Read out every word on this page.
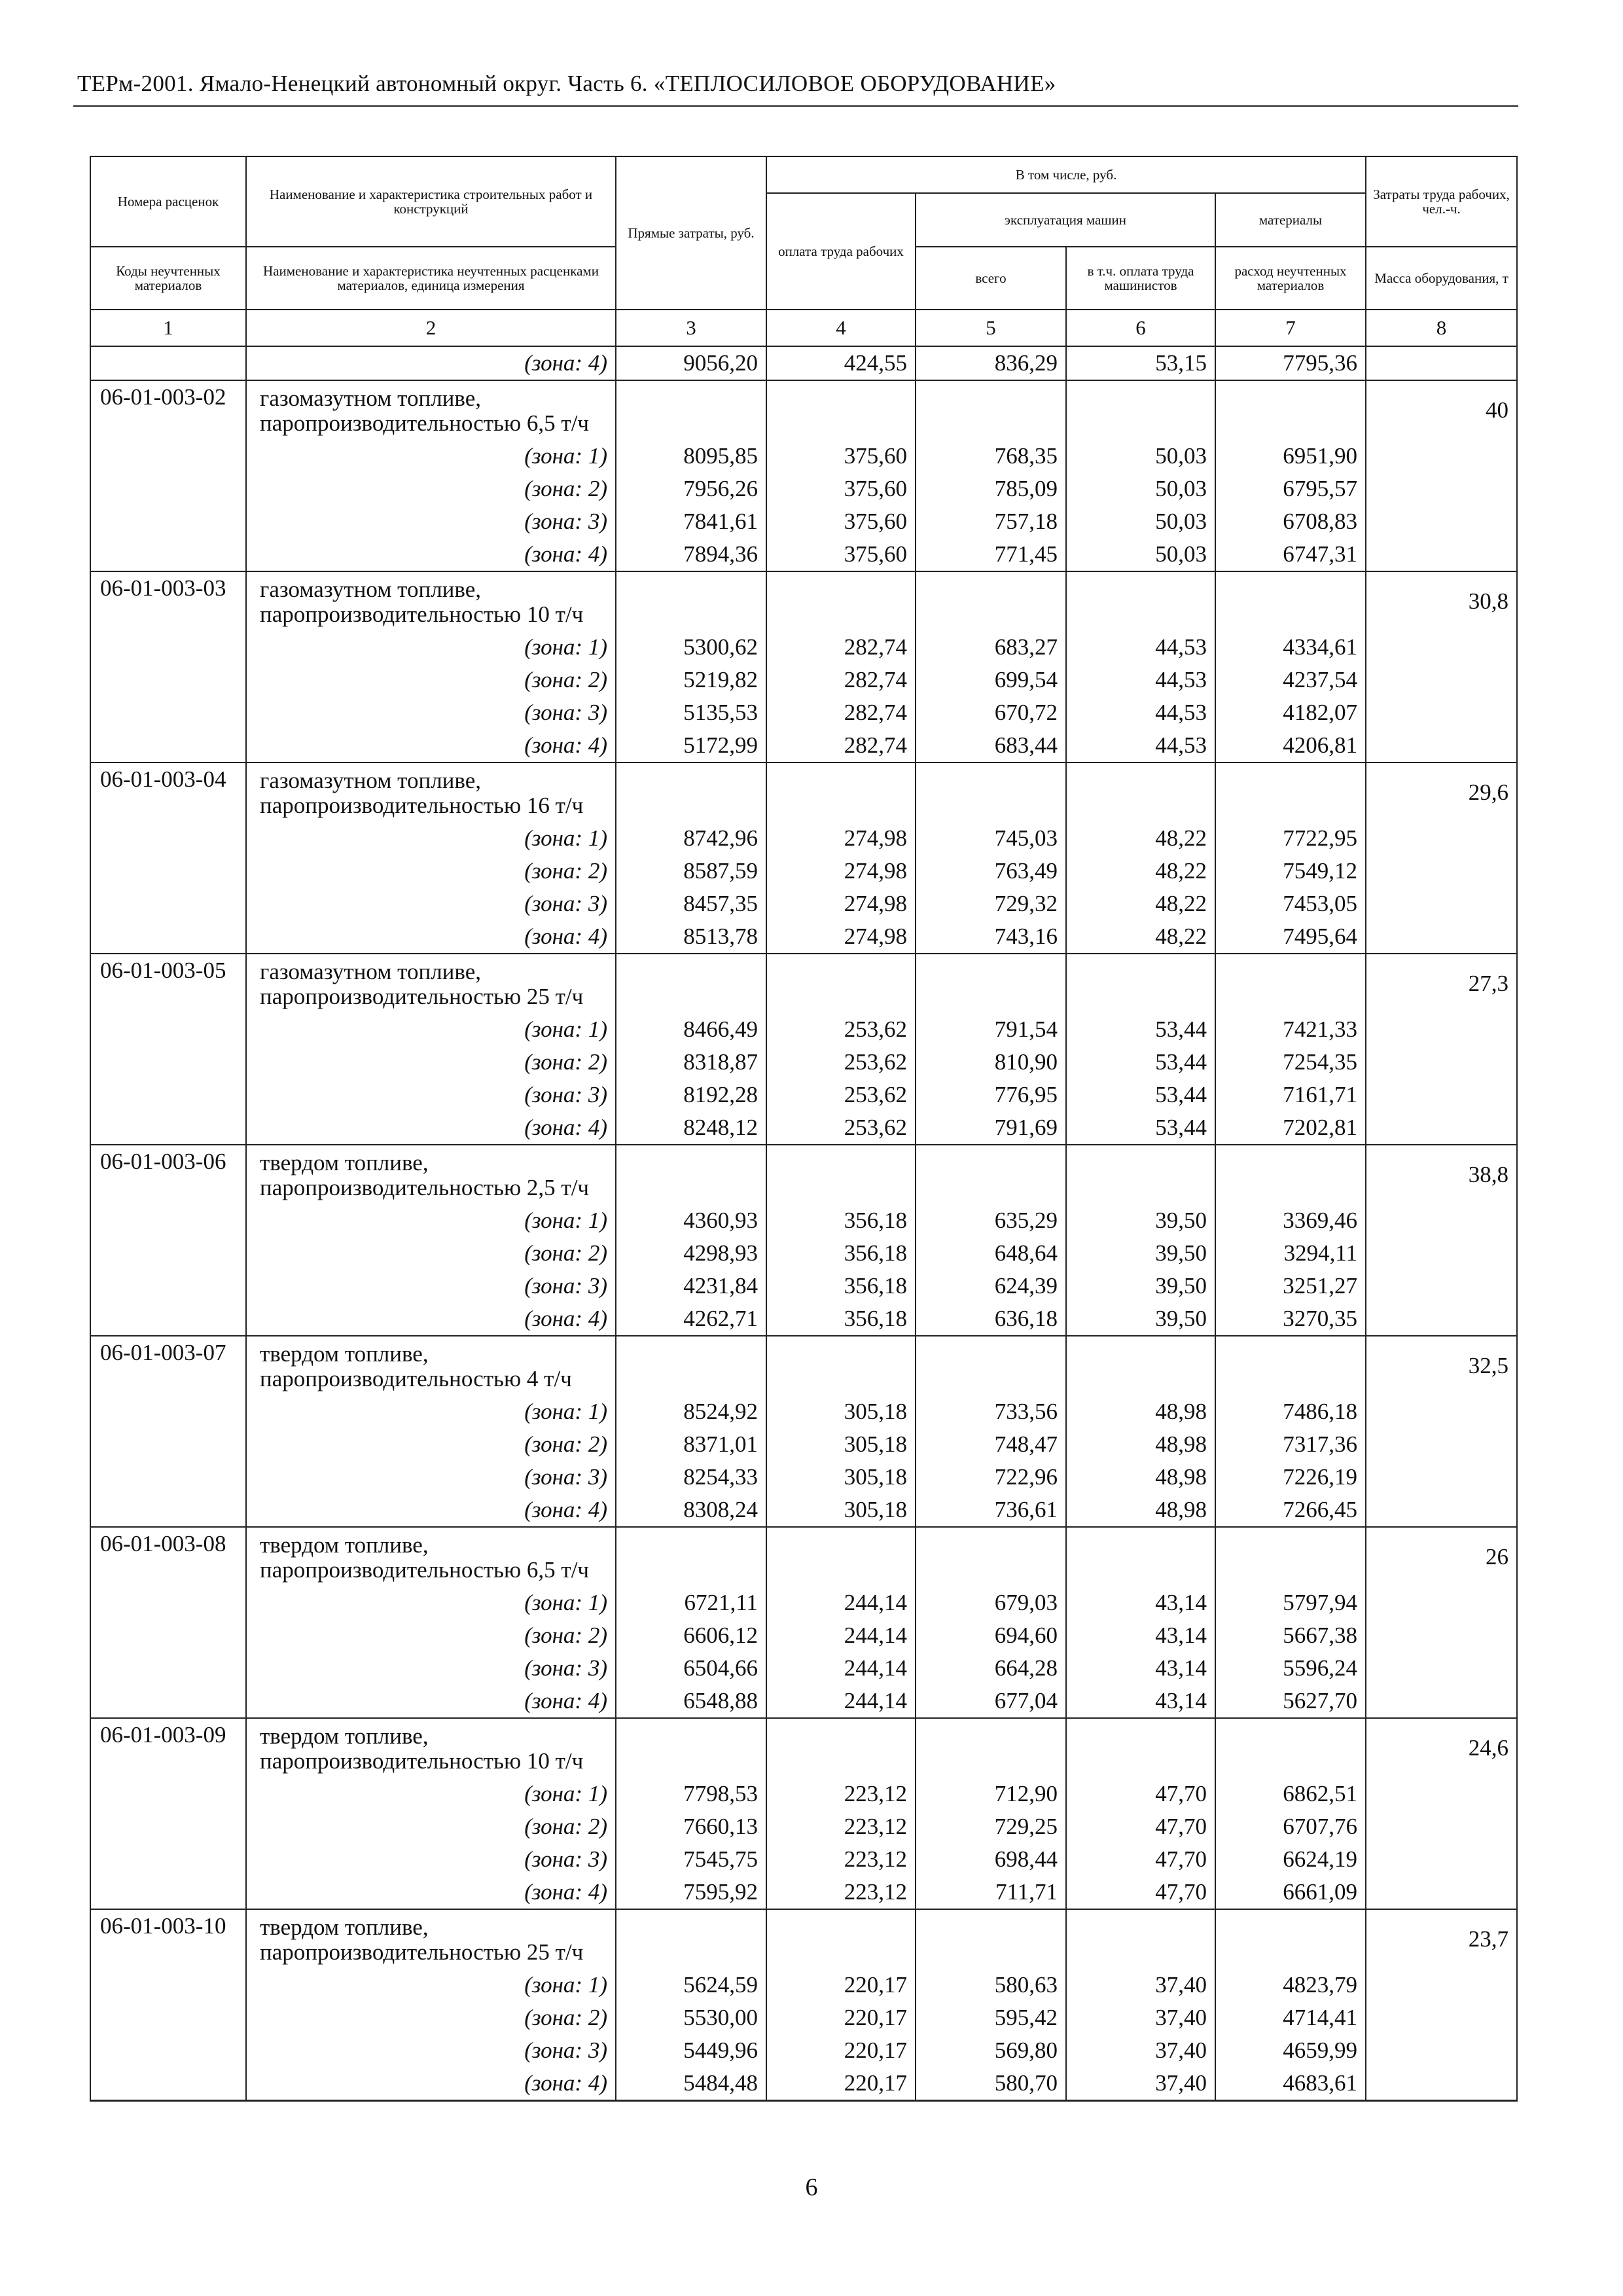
ТЕРм-2001. Ямало-Ненецкий автономный округ. Часть 6. «ТЕПЛОСИЛОВОЕ ОБОРУДОВАНИЕ»
Номера расценок	Наименование и характеристика строительных работ и конструкций	Прямые затраты, руб.	В том числе, руб.				Затраты труда рабочих, чел.-ч.
			оплата труда рабочих	эксплуатация машин		материалы	
Коды неучтенных материалов	Наименование и характеристика неучтенных расценками материалов, единица измерения			всего	в т.ч. оплата труда машинистов	расход неучтенных материалов	Масса оборудования, т
1	2	3	4	5	6	7	8
	(зона: 4)	9056,20	424,55	836,29	53,15	7795,36	
06-01-003-02	газомазутном топливе, паропроизводительностью 6,5 т/ч						40
	(зона: 1)	8095,85	375,60	768,35	50,03	6951,90	
	(зона: 2)	7956,26	375,60	785,09	50,03	6795,57	
	(зона: 3)	7841,61	375,60	757,18	50,03	6708,83	
	(зона: 4)	7894,36	375,60	771,45	50,03	6747,31	
06-01-003-03	газомазутном топливе, паропроизводительностью 10 т/ч						30,8
	(зона: 1)	5300,62	282,74	683,27	44,53	4334,61	
	(зона: 2)	5219,82	282,74	699,54	44,53	4237,54	
	(зона: 3)	5135,53	282,74	670,72	44,53	4182,07	
	(зона: 4)	5172,99	282,74	683,44	44,53	4206,81	
06-01-003-04	газомазутном топливе, паропроизводительностью 16 т/ч						29,6
	(зона: 1)	8742,96	274,98	745,03	48,22	7722,95	
	(зона: 2)	8587,59	274,98	763,49	48,22	7549,12	
	(зона: 3)	8457,35	274,98	729,32	48,22	7453,05	
	(зона: 4)	8513,78	274,98	743,16	48,22	7495,64	
06-01-003-05	газомазутном топливе, паропроизводительностью 25 т/ч						27,3
	(зона: 1)	8466,49	253,62	791,54	53,44	7421,33	
	(зона: 2)	8318,87	253,62	810,90	53,44	7254,35	
	(зона: 3)	8192,28	253,62	776,95	53,44	7161,71	
	(зона: 4)	8248,12	253,62	791,69	53,44	7202,81	
06-01-003-06	твердом топливе, паропроизводительностью 2,5 т/ч						38,8
	(зона: 1)	4360,93	356,18	635,29	39,50	3369,46	
	(зона: 2)	4298,93	356,18	648,64	39,50	3294,11	
	(зона: 3)	4231,84	356,18	624,39	39,50	3251,27	
	(зона: 4)	4262,71	356,18	636,18	39,50	3270,35	
06-01-003-07	твердом топливе, паропроизводительностью 4 т/ч						32,5
	(зона: 1)	8524,92	305,18	733,56	48,98	7486,18	
	(зона: 2)	8371,01	305,18	748,47	48,98	7317,36	
	(зона: 3)	8254,33	305,18	722,96	48,98	7226,19	
	(зона: 4)	8308,24	305,18	736,61	48,98	7266,45	
06-01-003-08	твердом топливе, паропроизводительностью 6,5 т/ч						26
	(зона: 1)	6721,11	244,14	679,03	43,14	5797,94	
	(зона: 2)	6606,12	244,14	694,60	43,14	5667,38	
	(зона: 3)	6504,66	244,14	664,28	43,14	5596,24	
	(зона: 4)	6548,88	244,14	677,04	43,14	5627,70	
06-01-003-09	твердом топливе, паропроизводительностью 10 т/ч						24,6
	(зона: 1)	7798,53	223,12	712,90	47,70	6862,51	
	(зона: 2)	7660,13	223,12	729,25	47,70	6707,76	
	(зона: 3)	7545,75	223,12	698,44	47,70	6624,19	
	(зона: 4)	7595,92	223,12	711,71	47,70	6661,09	
06-01-003-10	твердом топливе, паропроизводительностью 25 т/ч						23,7
	(зона: 1)	5624,59	220,17	580,63	37,40	4823,79	
	(зона: 2)	5530,00	220,17	595,42	37,40	4714,41	
	(зона: 3)	5449,96	220,17	569,80	37,40	4659,99	
	(зона: 4)	5484,48	220,17	580,70	37,40	4683,61	
6
